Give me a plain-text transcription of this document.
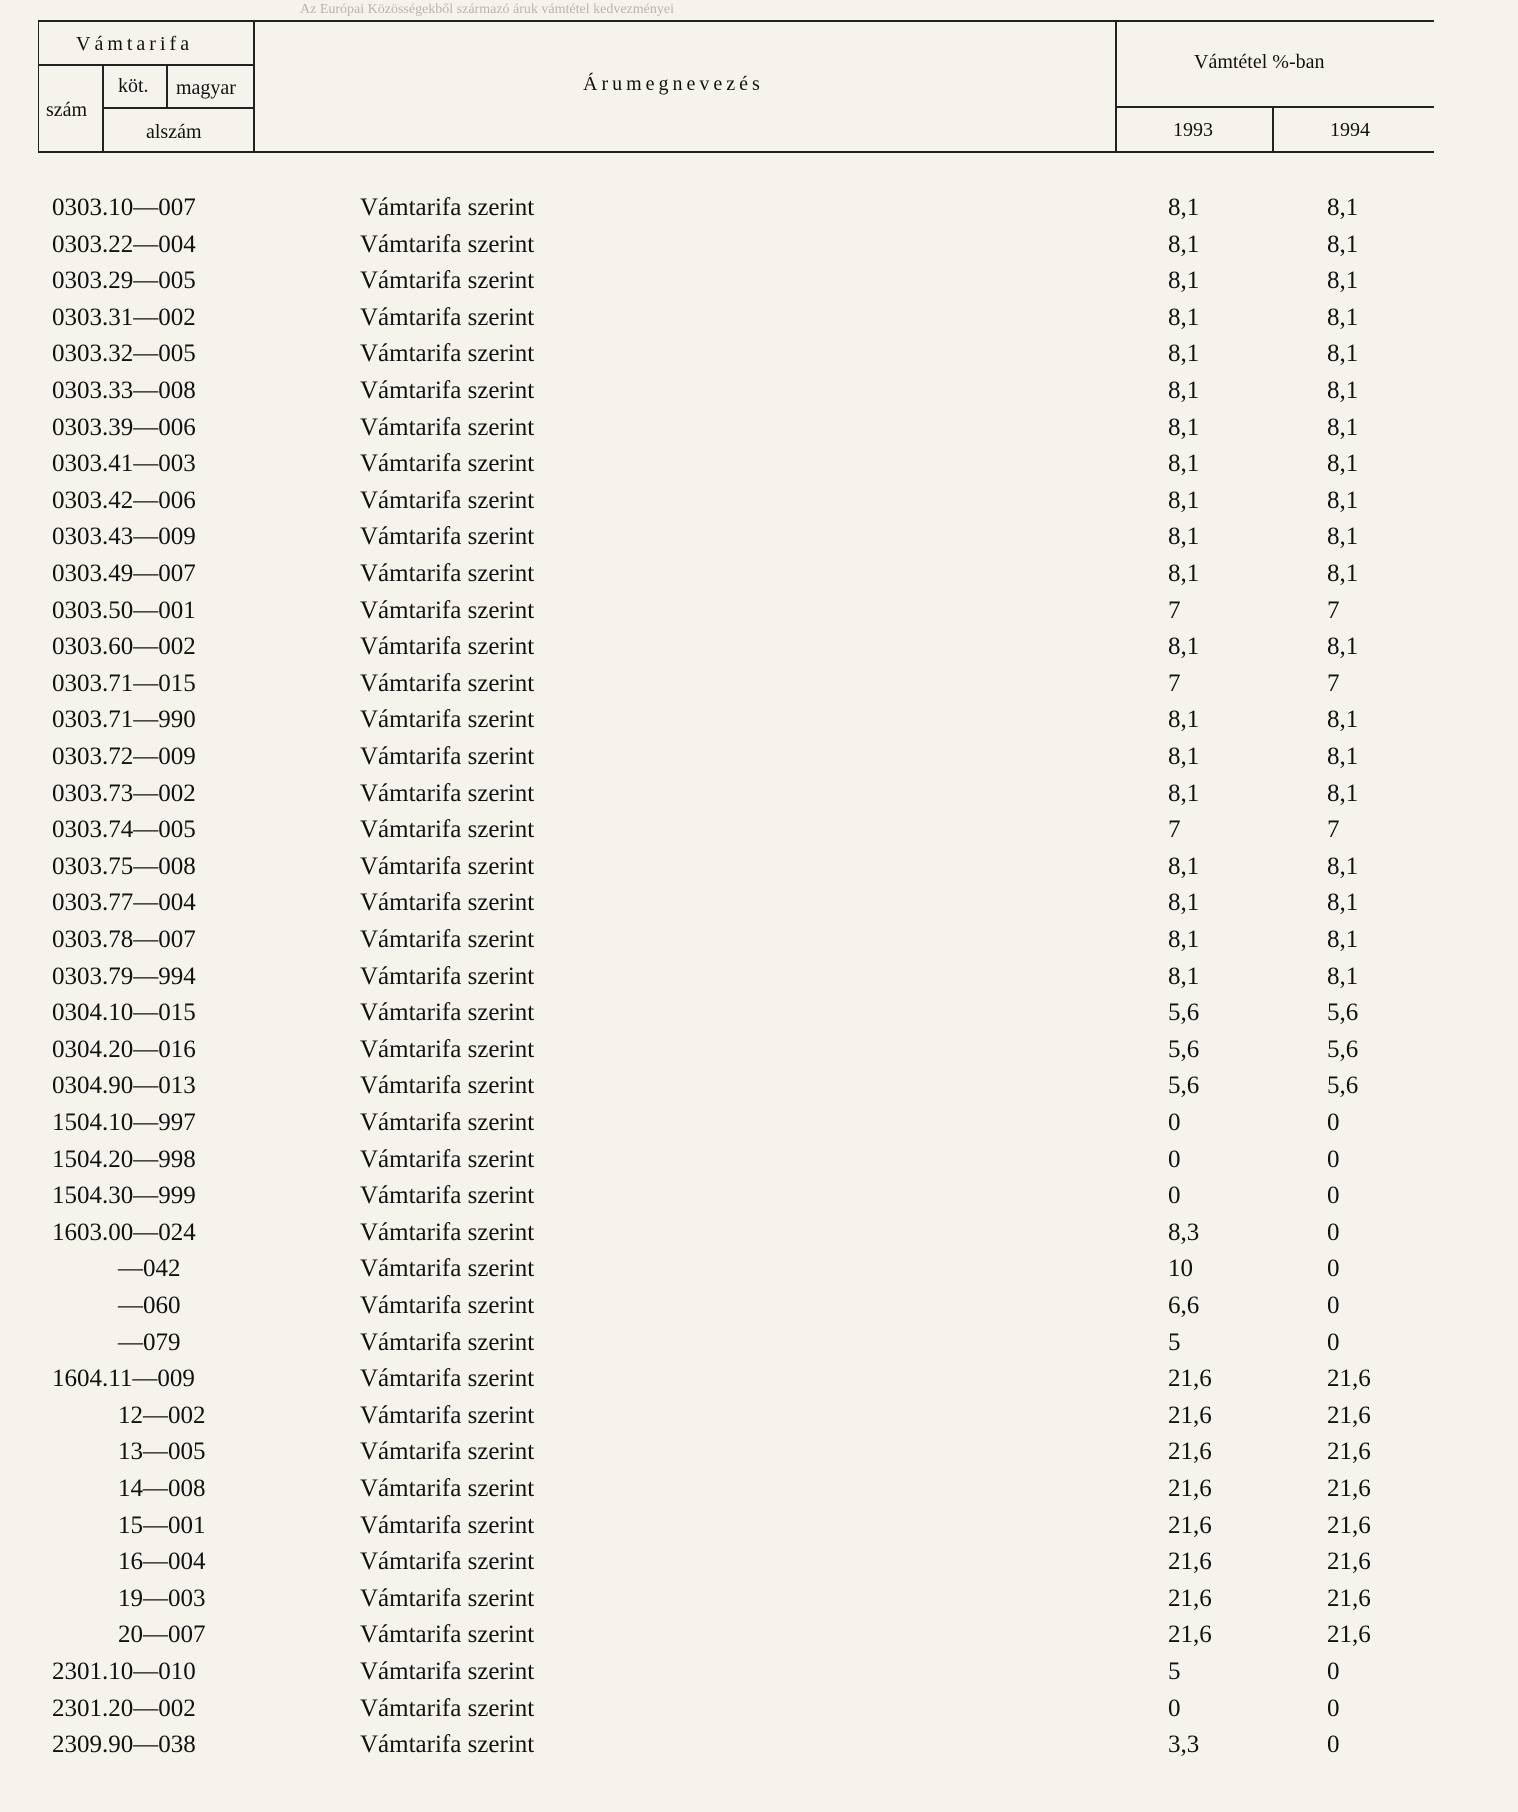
Az Európai Közösségekből származó áruk vámtétel kedvezményei
Vámtarifa
szám
köt. magyar
alszám
Árumegnevezés
Vámtétel %-ban
1993	1994
0303.10—007	Vámtarifa szerint	8,1	8,1
0303.22—004	Vámtarifa szerint	8,1	8,1
0303.29—005	Vámtarifa szerint	8,1	8,1
0303.31—002	Vámtarifa szerint	8,1	8,1
0303.32—005	Vámtarifa szerint	8,1	8,1
0303.33—008	Vámtarifa szerint	8,1	8,1
0303.39—006	Vámtarifa szerint	8,1	8,1
0303.41—003	Vámtarifa szerint	8,1	8,1
0303.42—006	Vámtarifa szerint	8,1	8,1
0303.43—009	Vámtarifa szerint	8,1	8,1
0303.49—007	Vámtarifa szerint	8,1	8,1
0303.50—001	Vámtarifa szerint	7	7
0303.60—002	Vámtarifa szerint	8,1	8,1
0303.71—015	Vámtarifa szerint	7	7
0303.71—990	Vámtarifa szerint	8,1	8,1
0303.72—009	Vámtarifa szerint	8,1	8,1
0303.73—002	Vámtarifa szerint	8,1	8,1
0303.74—005	Vámtarifa szerint	7	7
0303.75—008	Vámtarifa szerint	8,1	8,1
0303.77—004	Vámtarifa szerint	8,1	8,1
0303.78—007	Vámtarifa szerint	8,1	8,1
0303.79—994	Vámtarifa szerint	8,1	8,1
0304.10—015	Vámtarifa szerint	5,6	5,6
0304.20—016	Vámtarifa szerint	5,6	5,6
0304.90—013	Vámtarifa szerint	5,6	5,6
1504.10—997	Vámtarifa szerint	0	0
1504.20—998	Vámtarifa szerint	0	0
1504.30—999	Vámtarifa szerint	0	0
1603.00—024	Vámtarifa szerint	8,3	0
—042	Vámtarifa szerint	10	0
—060	Vámtarifa szerint	6,6	0
—079	Vámtarifa szerint	5	0
1604.11—009	Vámtarifa szerint	21,6	21,6
12—002	Vámtarifa szerint	21,6	21,6
13—005	Vámtarifa szerint	21,6	21,6
14—008	Vámtarifa szerint	21,6	21,6
15—001	Vámtarifa szerint	21,6	21,6
16—004	Vámtarifa szerint	21,6	21,6
19—003	Vámtarifa szerint	21,6	21,6
20—007	Vámtarifa szerint	21,6	21,6
2301.10—010	Vámtarifa szerint	5	0
2301.20—002	Vámtarifa szerint	0	0
2309.90—038	Vámtarifa szerint	3,3	0
